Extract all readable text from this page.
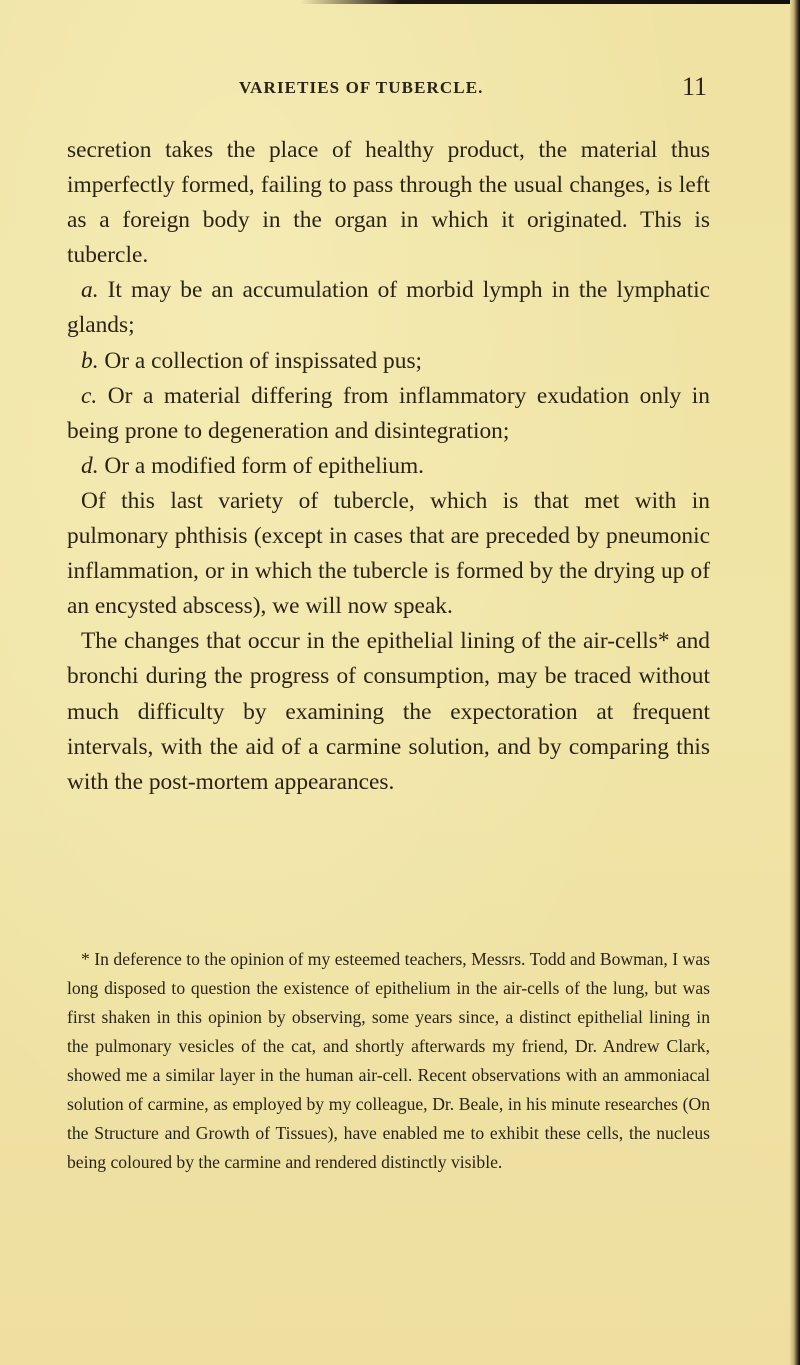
VARIETIES OF TUBERCLE.	11

secretion takes the place of healthy product, the material thus imperfectly formed, failing to pass through the usual changes, is left as a foreign body in the organ in which it originated. This is tubercle.

a. It may be an accumulation of morbid lymph in the lymphatic glands;

b. Or a collection of inspissated pus;

c. Or a material differing from inflammatory exudation only in being prone to degeneration and disintegration;

d. Or a modified form of epithelium.

Of this last variety of tubercle, which is that met with in pulmonary phthisis (except in cases that are preceded by pneumonic inflammation, or in which the tubercle is formed by the drying up of an encysted abscess), we will now speak.

The changes that occur in the epithelial lining of the air-cells* and bronchi during the progress of consumption, may be traced without much difficulty by examining the expectoration at frequent intervals, with the aid of a carmine solution, and by comparing this with the post-mortem appearances.

* In deference to the opinion of my esteemed teachers, Messrs. Todd and Bowman, I was long disposed to question the existence of epithelium in the air-cells of the lung, but was first shaken in this opinion by observing, some years since, a distinct epithelial lining in the pulmonary vesicles of the cat, and shortly afterwards my friend, Dr. Andrew Clark, showed me a similar layer in the human air-cell. Recent observations with an ammoniacal solution of carmine, as employed by my colleague, Dr. Beale, in his minute researches (On the Structure and Growth of Tissues), have enabled me to exhibit these cells, the nucleus being coloured by the carmine and rendered distinctly visible.
